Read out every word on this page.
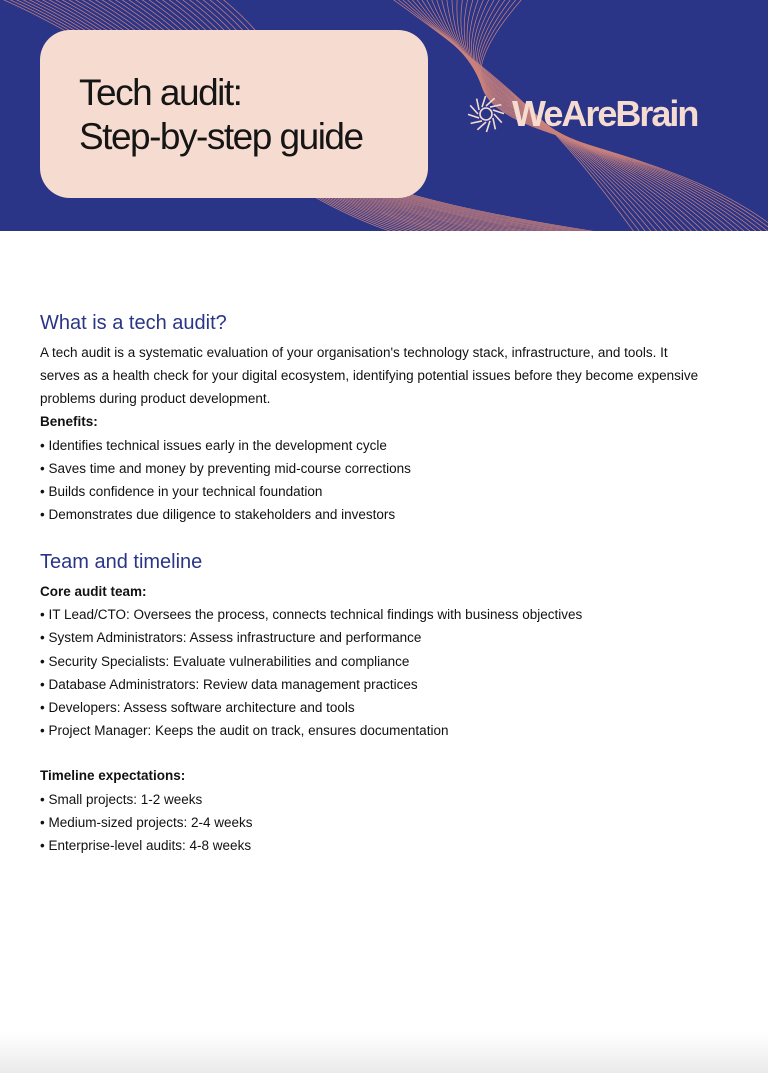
Tech audit:
Step-by-step guide
WeAreBrain
What is a tech audit?

A tech audit is a systematic evaluation of your organisation's technology stack, infrastructure, and tools. It

serves as a health check for your digital ecosystem, identifying potential issues before they become expensive

problems during product development.

Benefits:

• Identifies technical issues early in the development cycle

• Saves time and money by preventing mid-course corrections

• Builds confidence in your technical foundation

• Demonstrates due diligence to stakeholders and investors

Team and timeline

Core audit team:

• IT Lead/CTO: Oversees the process, connects technical findings with business objectives

• System Administrators: Assess infrastructure and performance

• Security Specialists: Evaluate vulnerabilities and compliance

• Database Administrators: Review data management practices

• Developers: Assess software architecture and tools

• Project Manager: Keeps the audit on track, ensures documentation

Timeline expectations:

• Small projects: 1-2 weeks

• Medium-sized projects: 2-4 weeks

• Enterprise-level audits: 4-8 weeks
